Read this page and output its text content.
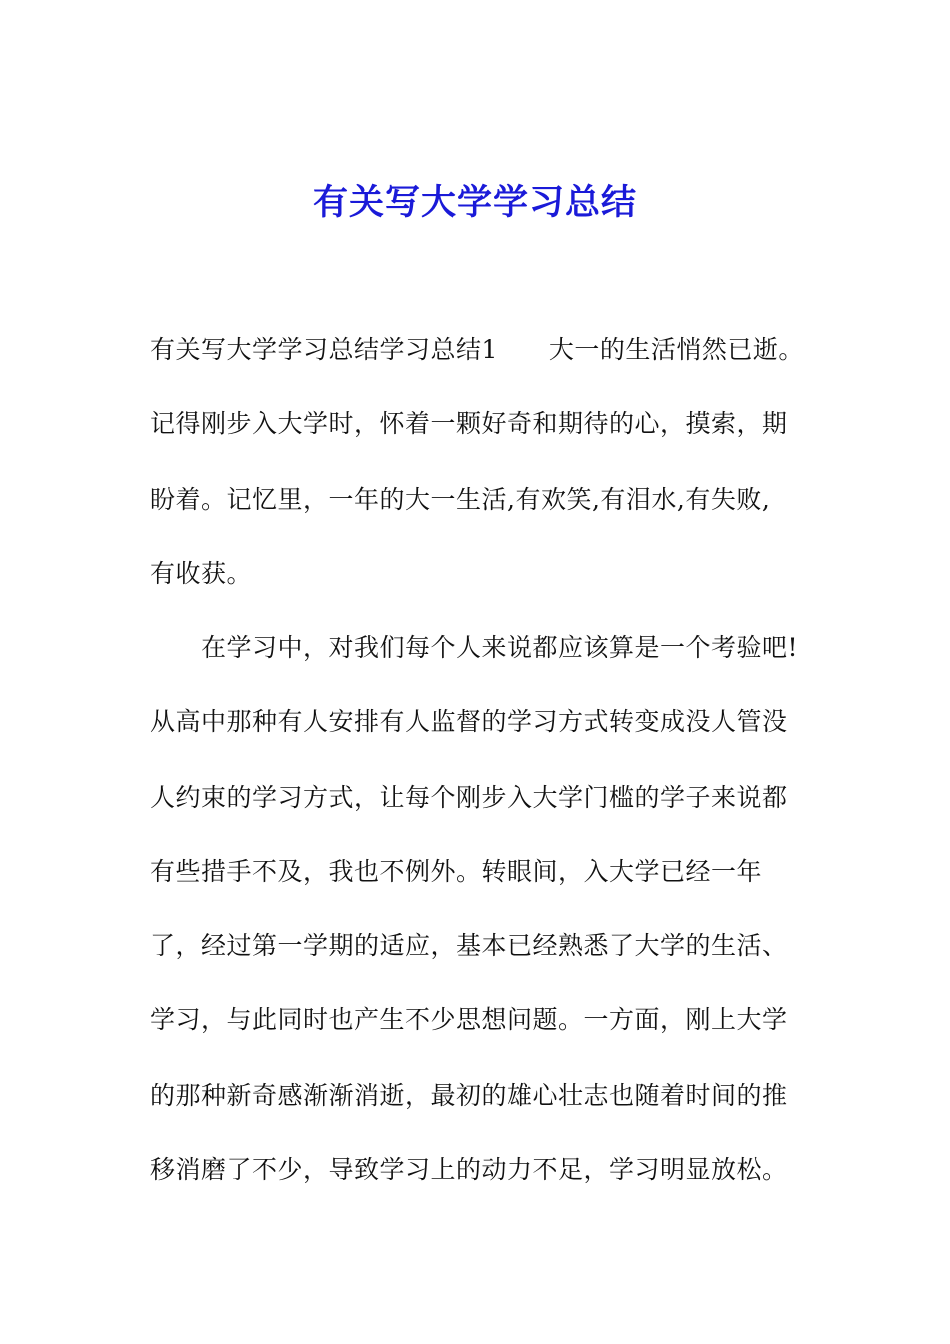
有关写大学学习总结
有关写大学学习总结学习总结1　　大一的生活悄然已逝。
记得刚步入大学时，怀着一颗好奇和期待的心，摸索，期
盼着。记忆里，一年的大一生活,有欢笑,有泪水,有失败,
有收获。
　　在学习中，对我们每个人来说都应该算是一个考验吧!
从高中那种有人安排有人监督的学习方式转变成没人管没
人约束的学习方式，让每个刚步入大学门槛的学子来说都
有些措手不及，我也不例外。转眼间，入大学已经一年
了，经过第一学期的适应，基本已经熟悉了大学的生活、
学习，与此同时也产生不少思想问题。一方面，刚上大学
的那种新奇感渐渐消逝，最初的雄心壮志也随着时间的推
移消磨了不少，导致学习上的动力不足，学习明显放松。
